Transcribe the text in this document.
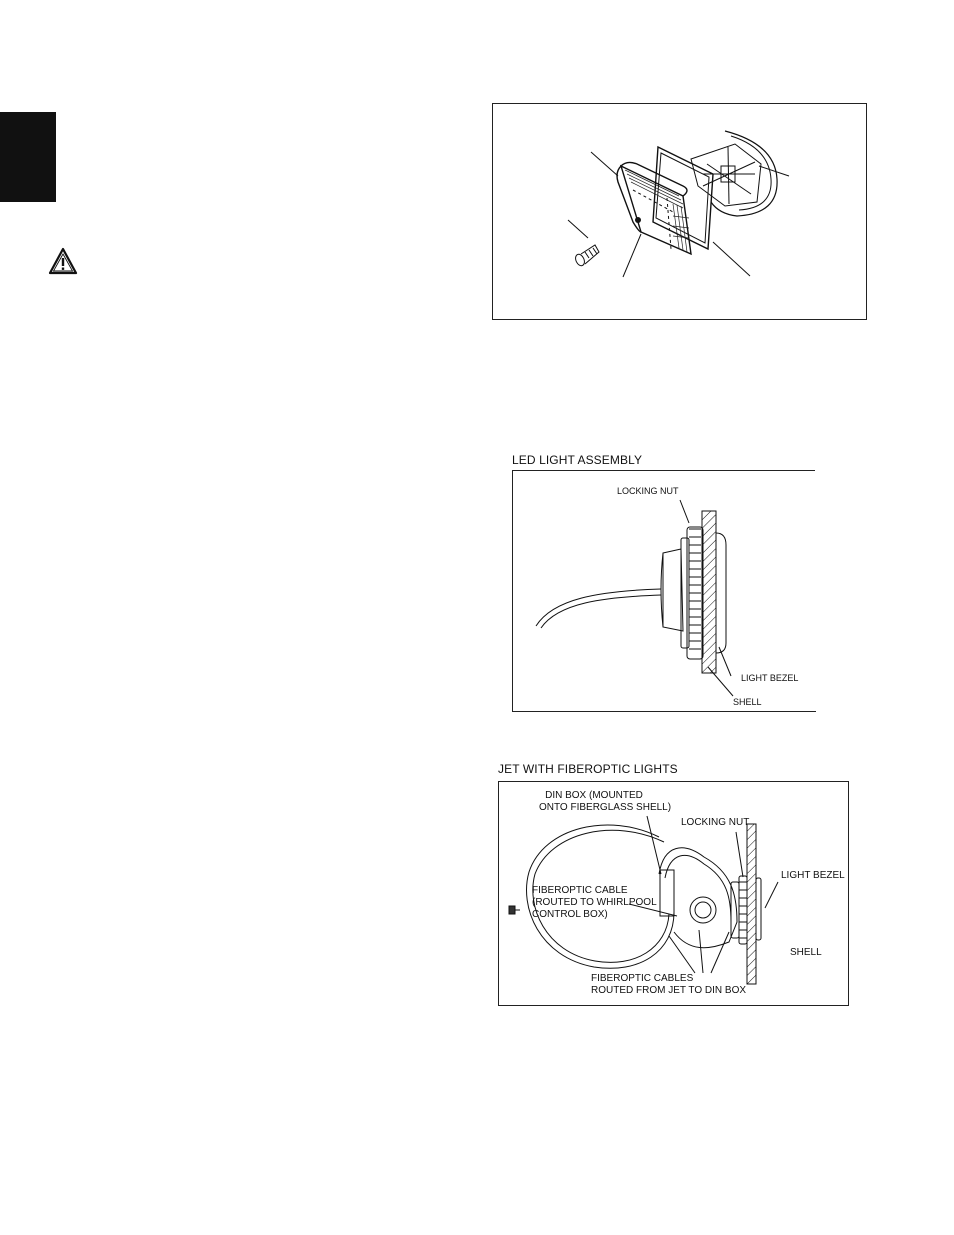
LED LIGHT ASSEMBLY
LOCKING NUT
LIGHT BEZEL
SHELL
JET WITH FIBEROPTIC LIGHTS
DIN BOX (MOUNTED
ONTO FIBERGLASS SHELL)
LOCKING NUT
LIGHT BEZEL
FIBEROPTIC CABLE
(ROUTED TO WHIRLPOOL
CONTROL BOX)
SHELL
FIBEROPTIC CABLES
ROUTED FROM JET TO DIN BOX
